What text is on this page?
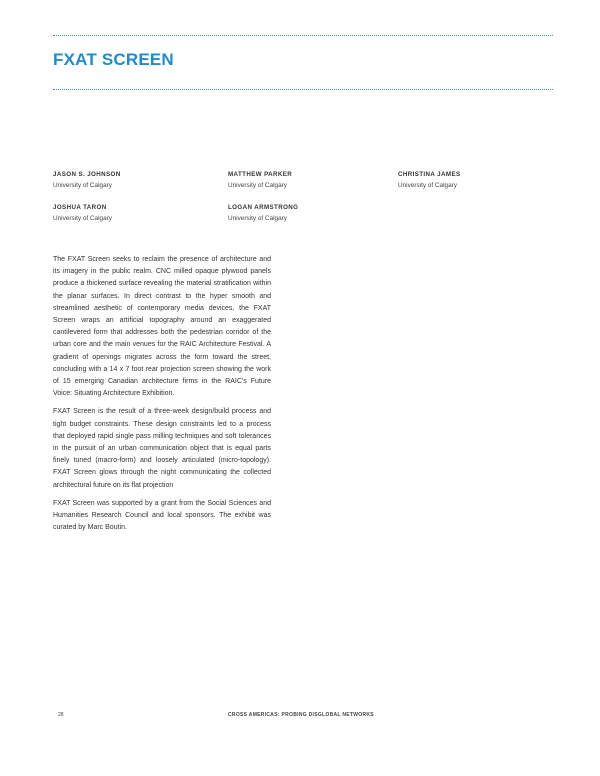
FXAT SCREEN
JASON S. JOHNSON
University of Calgary
MATTHEW PARKER
University of Calgary
CHRISTINA JAMES
University of Calgary
JOSHUA TARON
University of Calgary
LOGAN ARMSTRONG
University of Calgary

The FXAT Screen seeks to reclaim the presence of architecture and its imagery in the public realm. CNC milled opaque plywood panels produce a thickened surface revealing the material stratification within the planar surfaces. In direct contrast to the hyper smooth and streamlined aesthetic of contemporary media devices, the FXAT Screen wraps an artificial topography around an exaggerated cantilevered form that addresses both the pedestrian corridor of the urban core and the main venues for the RAIC Architecture Festival. A gradient of openings migrates across the form toward the street, concluding with a 14 x 7 foot rear projection screen showing the work of 15 emerging Canadian architecture firms in the RAIC's Future Voice: Situating Architecture Exhibition.

FXAT Screen is the result of a three-week design/build process and tight budget constraints. These design constraints led to a process that deployed rapid single pass milling techniques and soft tolerances in the pursuit of an urban communication object that is equal parts finely tuned (macro-form) and loosely articulated (micro-topology). FXAT Screen glows through the night communicating the collected architectural future on its flat projection

FXAT Screen was supported by a grant from the Social Sciences and Humanities Research Council and local sponsors. The exhibit was curated by Marc Boutin.

28	CROSS AMERICAS: PROBING DISGLOBAL NETWORKS
